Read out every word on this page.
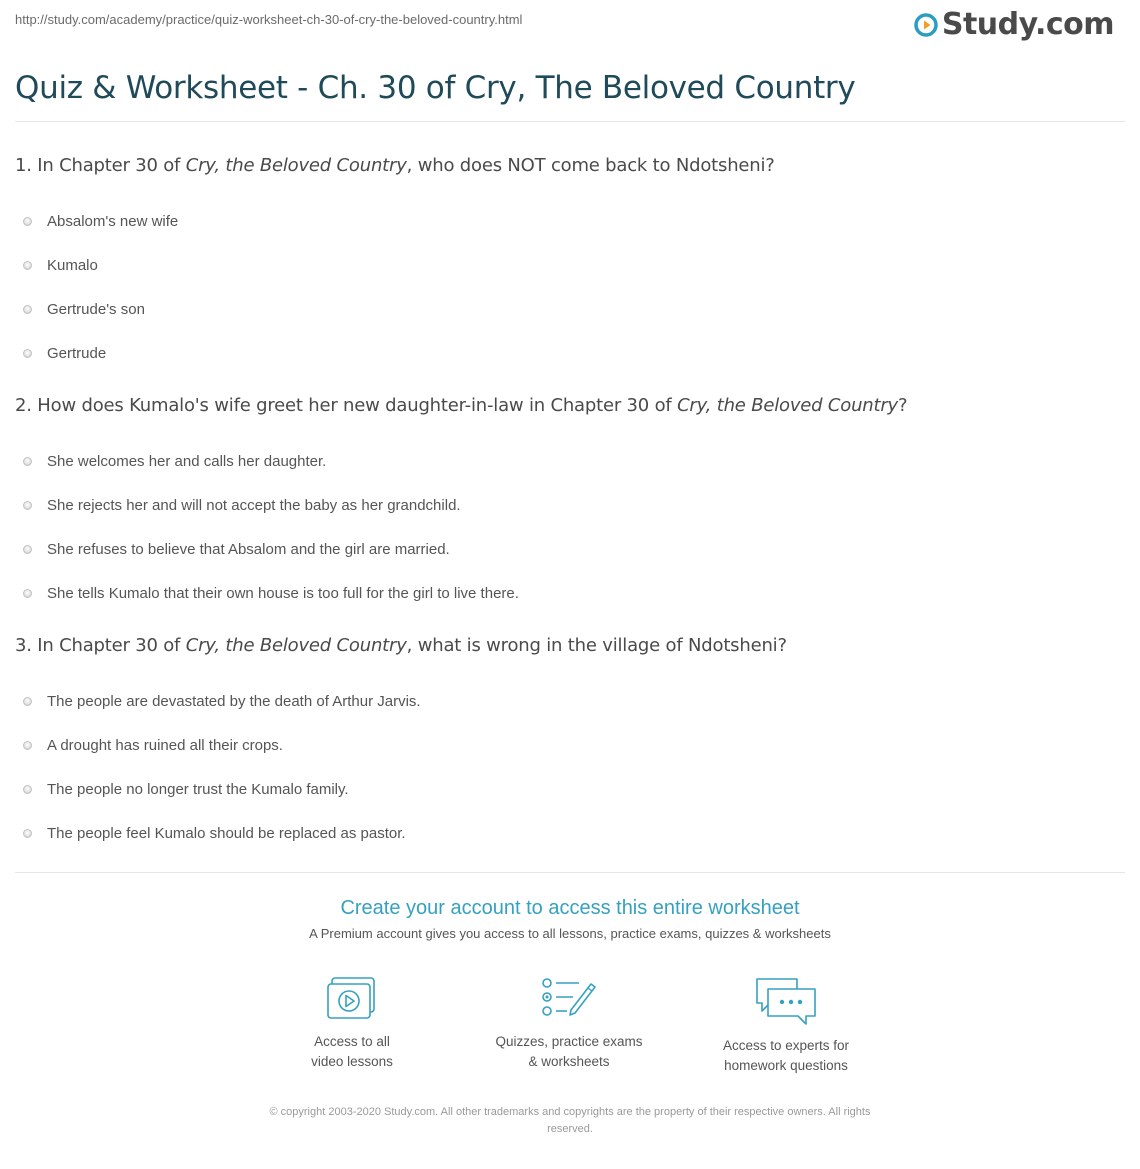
http://study.com/academy/practice/quiz-worksheet-ch-30-of-cry-the-beloved-country.html	Study.com
Quiz & Worksheet - Ch. 30 of Cry, The Beloved Country
1. In Chapter 30 of Cry, the Beloved Country, who does NOT come back to Ndotsheni?
Absalom's new wife
Kumalo
Gertrude's son
Gertrude
2. How does Kumalo's wife greet her new daughter-in-law in Chapter 30 of Cry, the Beloved Country?
She welcomes her and calls her daughter.
She rejects her and will not accept the baby as her grandchild.
She refuses to believe that Absalom and the girl are married.
She tells Kumalo that their own house is too full for the girl to live there.
3. In Chapter 30 of Cry, the Beloved Country, what is wrong in the village of Ndotsheni?
The people are devastated by the death of Arthur Jarvis.
A drought has ruined all their crops.
The people no longer trust the Kumalo family.
The people feel Kumalo should be replaced as pastor.
Create your account to access this entire worksheet
A Premium account gives you access to all lessons, practice exams, quizzes & worksheets
Access to all
video lessons
Quizzes, practice exams
& worksheets
Access to experts for
homework questions
© copyright 2003-2020 Study.com. All other trademarks and copyrights are the property of their respective owners. All rights
reserved.
